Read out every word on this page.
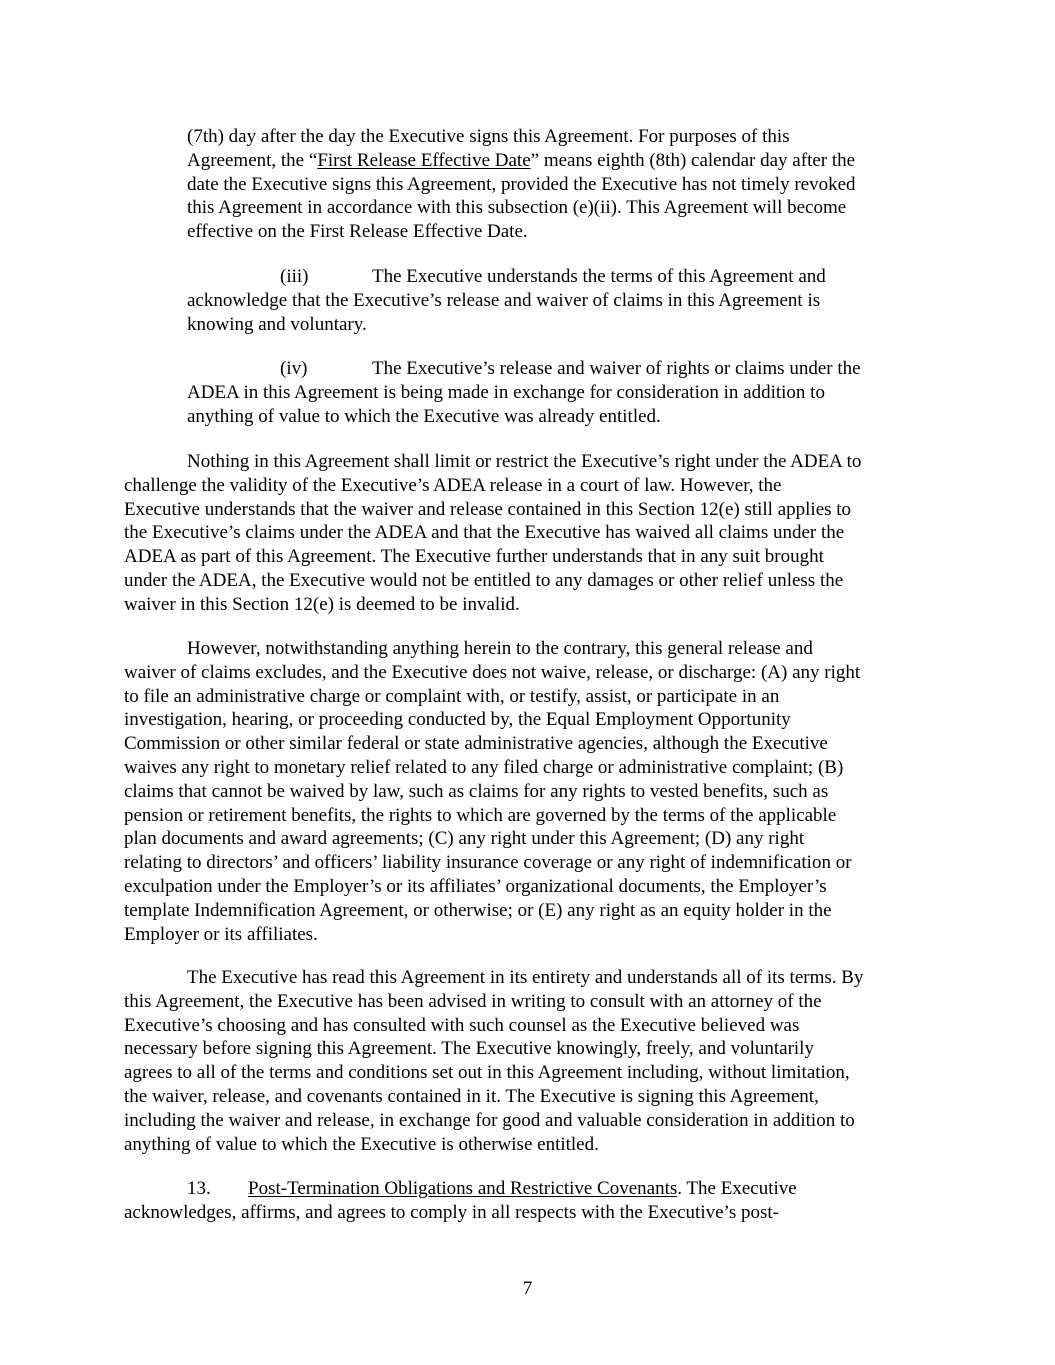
(7th) day after the day the Executive signs this Agreement. For purposes of this
Agreement, the “First Release Effective Date” means eighth (8th) calendar day after the
date the Executive signs this Agreement, provided the Executive has not timely revoked
this Agreement in accordance with this subsection (e)(ii). This Agreement will become
effective on the First Release Effective Date.
(iii)	The Executive understands the terms of this Agreement and
acknowledge that the Executive’s release and waiver of claims in this Agreement is
knowing and voluntary.
(iv)	The Executive’s release and waiver of rights or claims under the
ADEA in this Agreement is being made in exchange for consideration in addition to
anything of value to which the Executive was already entitled.
Nothing in this Agreement shall limit or restrict the Executive’s right under the ADEA to
challenge the validity of the Executive’s ADEA release in a court of law. However, the
Executive understands that the waiver and release contained in this Section 12(e) still applies to
the Executive’s claims under the ADEA and that the Executive has waived all claims under the
ADEA as part of this Agreement. The Executive further understands that in any suit brought
under the ADEA, the Executive would not be entitled to any damages or other relief unless the
waiver in this Section 12(e) is deemed to be invalid.
However, notwithstanding anything herein to the contrary, this general release and
waiver of claims excludes, and the Executive does not waive, release, or discharge: (A) any right
to file an administrative charge or complaint with, or testify, assist, or participate in an
investigation, hearing, or proceeding conducted by, the Equal Employment Opportunity
Commission or other similar federal or state administrative agencies, although the Executive
waives any right to monetary relief related to any filed charge or administrative complaint; (B)
claims that cannot be waived by law, such as claims for any rights to vested benefits, such as
pension or retirement benefits, the rights to which are governed by the terms of the applicable
plan documents and award agreements; (C) any right under this Agreement; (D) any right
relating to directors’ and officers’ liability insurance coverage or any right of indemnification or
exculpation under the Employer’s or its affiliates’ organizational documents, the Employer’s
template Indemnification Agreement, or otherwise; or (E) any right as an equity holder in the
Employer or its affiliates.
The Executive has read this Agreement in its entirety and understands all of its terms. By
this Agreement, the Executive has been advised in writing to consult with an attorney of the
Executive’s choosing and has consulted with such counsel as the Executive believed was
necessary before signing this Agreement. The Executive knowingly, freely, and voluntarily
agrees to all of the terms and conditions set out in this Agreement including, without limitation,
the waiver, release, and covenants contained in it. The Executive is signing this Agreement,
including the waiver and release, in exchange for good and valuable consideration in addition to
anything of value to which the Executive is otherwise entitled.
13. Post-Termination Obligations and Restrictive Covenants. The Executive
acknowledges, affirms, and agrees to comply in all respects with the Executive’s post-
7
